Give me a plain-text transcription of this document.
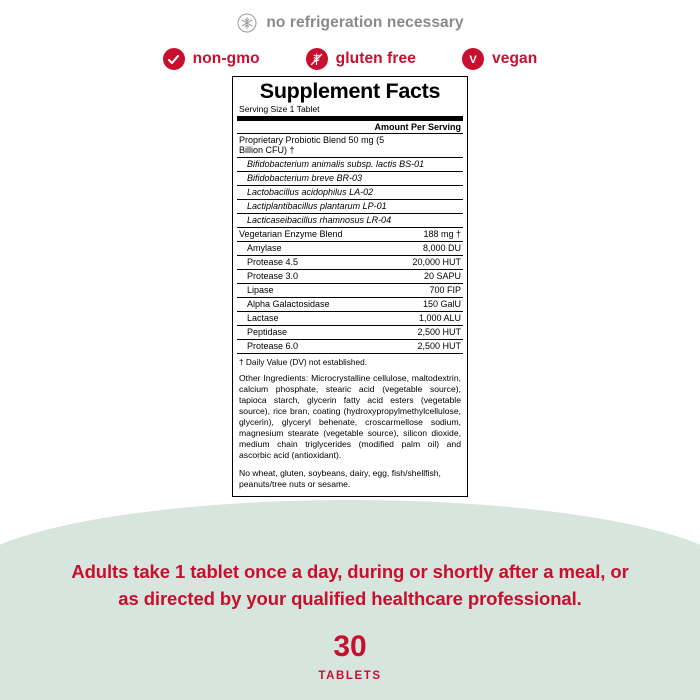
no refrigeration necessary
non-gmo	gluten free	V vegan
Supplement Facts
Serving Size 1 Tablet
Amount Per Serving
Proprietary Probiotic Blend 50 mg (5 Billion CFU) †	
Bifidobacterium animalis subsp. lactis BS-01	
Bifidobacterium breve BR-03	
Lactobacillus acidophilus LA-02	
Lactiplantibacillus plantarum LP-01	
Lacticaseibacillus rhamnosus LR-04	
Vegetarian Enzyme Blend	188 mg †
Amylase	8,000 DU
Protease 4.5	20,000 HUT
Protease 3.0	20 SAPU
Lipase	700 FIP
Alpha Galactosidase	150 GalU
Lactase	1,000 ALU
Peptidase	2,500 HUT
Protease 6.0	2,500 HUT
† Daily Value (DV) not established.
Other Ingredients: Microcrystalline cellulose, maltodextrin, calcium phosphate, stearic acid (vegetable source), tapioca starch, glycerin fatty acid esters (vegetable source), rice bran, coating (hydroxypropylmethylcellulose, glycerin), glyceryl behenate, croscarmellose sodium, magnesium stearate (vegetable source), silicon dioxide, medium chain triglycerides (modified palm oil) and ascorbic acid (antioxidant).
No wheat, gluten, soybeans, dairy, egg, fish/shellfish, peanuts/tree nuts or sesame.
Adults take 1 tablet once a day, during or shortly after a meal, or as directed by your qualified healthcare professional.
30
TABLETS
